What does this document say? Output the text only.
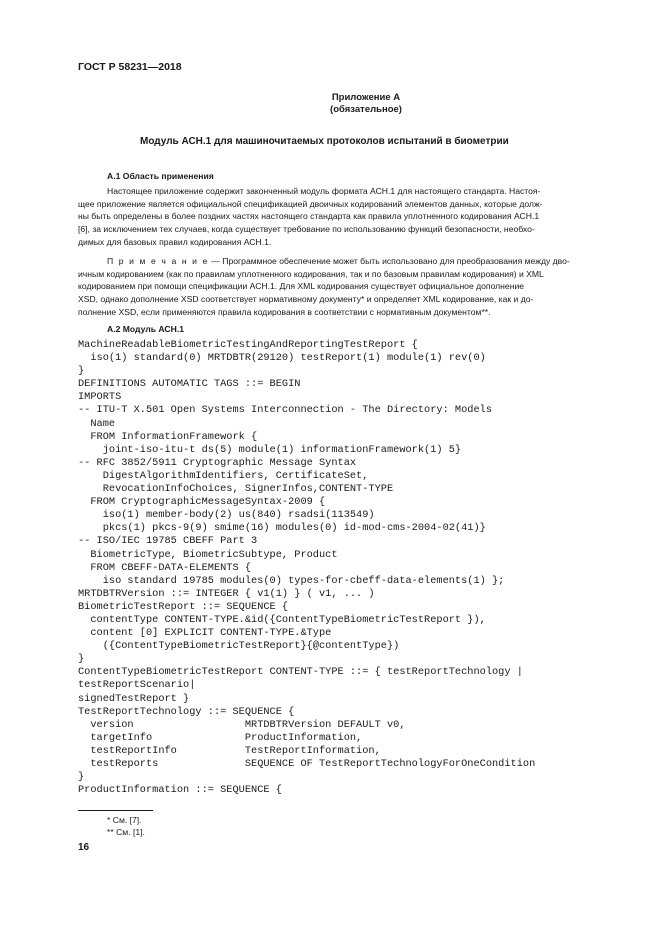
ГОСТ Р 58231—2018
Приложение А
(обязательное)
Модуль АСН.1 для машиночитаемых протоколов испытаний в биометрии
А.1 Область применения
Настоящее приложение содержит законченный модуль формата АСН.1 для настоящего стандарта. Настоя-
щее приложение является официальной спецификацией двоичных кодирований элементов данных, которые долж-
ны быть определены в более поздних частях настоящего стандарта как правила уплотненного кодирования АСН.1
[6], за исключением тех случаев, когда существует требование по использованию функций безопасности, необхо-
димых для базовых правил кодирования АСН.1.
П р и м е ч а н и е — Программное обеспечение может быть использовано для преобразования между дво-
ичным кодированием (как по правилам уплотненного кодирования, так и по базовым правилам кодирования) и XML
кодированием при помощи спецификации АСН.1. Для XML кодирования существует официальное дополнение
XSD, однако дополнение XSD соответствует нормативному документу* и определяет XML кодирование, как и до-
полнение XSD, если применяются правила кодирования в соответствии с нормативным документом**.
А.2 Модуль АСН.1
MachineReadableBiometricTestingAndReportingTestReport {
iso(1) standard(0) MRTDBTR(29120) testReport(1) module(1) rev(0)
}
DEFINITIONS AUTOMATIC TAGS ::= BEGIN
IMPORTS
-- ITU-T X.501 Open Systems Interconnection - The Directory: Models
Name
FROM InformationFramework {
joint-iso-itu-t ds(5) module(1) informationFramework(1) 5}
-- RFC 3852/5911 Cryptographic Message Syntax
DigestAlgorithmIdentifiers, CertificateSet,
RevocationInfoChoices, SignerInfos,CONTENT-TYPE
FROM CryptographicMessageSyntax-2009 {
iso(1) member-body(2) us(840) rsadsi(113549)
pkcs(1) pkcs-9(9) smime(16) modules(0) id-mod-cms-2004-02(41)}
-- ISO/IEC 19785 CBEFF Part 3
BiometricType, BiometricSubtype, Product
FROM CBEFF-DATA-ELEMENTS {
iso standard 19785 modules(0) types-for-cbeff-data-elements(1) };
MRTDBTRVersion ::= INTEGER { v1(1) } ( v1, ... )
BiometricTestReport ::= SEQUENCE {
contentType CONTENT-TYPE.&id({ContentTypeBiometricTestReport }),
content [0] EXPLICIT CONTENT-TYPE.&Type
({ContentTypeBiometricTestReport}{@contentType})
}
ContentTypeBiometricTestReport CONTENT-TYPE ::= { testReportTechnology |
testReportScenario|
signedTestReport }
TestReportTechnology ::= SEQUENCE {
version                  MRTDBTRVersion DEFAULT v0,
targetInfo               ProductInformation,
testReportInfo           TestReportInformation,
testReports              SEQUENCE OF TestReportTechnologyForOneCondition
}
ProductInformation ::= SEQUENCE {
* См. [7].
** См. [1].
16
